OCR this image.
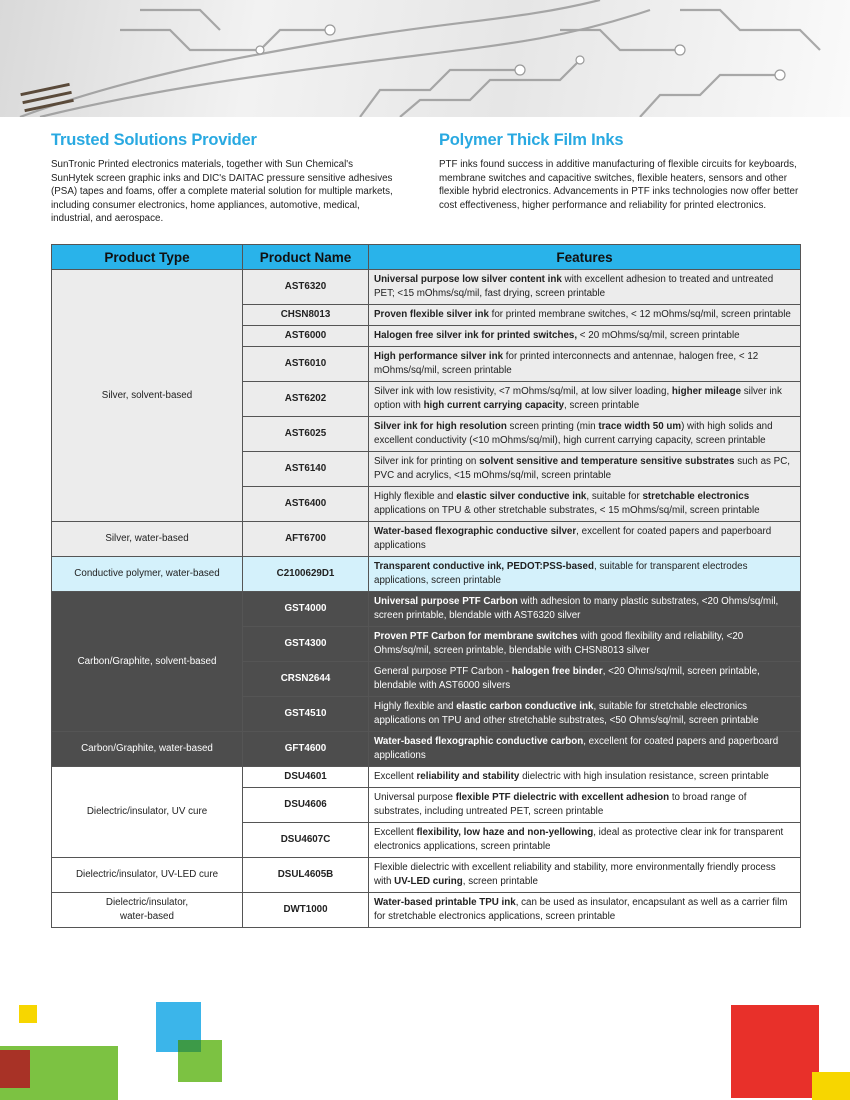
Trusted Solutions Provider

SunTronic Printed electronics materials, together with Sun Chemical's SunHytek screen graphic inks and DIC's DAITAC pressure sensitive adhesives (PSA) tapes and foams, offer a complete material solution for multiple markets, including consumer electronics, home appliances, automotive, medical, industrial, and aerospace.

Polymer Thick Film Inks

PTF inks found success in additive manufacturing of flexible circuits for keyboards, membrane switches and capacitive switches, flexible heaters, sensors and other flexible hybrid electronics. Advancements in PTF inks technologies now offer better cost effectiveness, higher performance and reliability for printed electronics.

Product Type	Product Name	Features
Silver, solvent-based	AST6320	Universal purpose low silver content ink with excellent adhesion to treated and untreated PET; <15 mOhms/sq/mil, fast drying, screen printable
	CHSN8013	Proven flexible silver ink for printed membrane switches, < 12 mOhms/sq/mil, screen printable
	AST6000	Halogen free silver ink for printed switches, < 20 mOhms/sq/mil, screen printable
	AST6010	High performance silver ink for printed interconnects and antennae, halogen free, < 12 mOhms/sq/mil, screen printable
	AST6202	Silver ink with low resistivity, <7 mOhms/sq/mil, at low silver loading, higher mileage silver ink option with high current carrying capacity, screen printable
	AST6025	Silver ink for high resolution screen printing (min trace width 50 um) with high solids and excellent conductivity (<10 mOhms/sq/mil), high current carrying capacity, screen printable
	AST6140	Silver ink for printing on solvent sensitive and temperature sensitive substrates such as PC, PVC and acrylics, <15 mOhms/sq/mil, screen printable
	AST6400	Highly flexible and elastic silver conductive ink, suitable for stretchable electronics applications on TPU & other stretchable substrates, < 15 mOhms/sq/mil, screen printable
Silver, water-based	AFT6700	Water-based flexographic conductive silver, excellent for coated papers and paperboard applications
Conductive polymer, water-based	C2100629D1	Transparent conductive ink, PEDOT:PSS-based, suitable for transparent electrodes applications, screen printable
Carbon/Graphite, solvent-based	GST4000	Universal purpose PTF Carbon with adhesion to many plastic substrates, <20 Ohms/sq/mil, screen printable, blendable with AST6320 silver
	GST4300	Proven PTF Carbon for membrane switches with good flexibility and reliability, <20 Ohms/sq/mil, screen printable, blendable with CHSN8013 silver
	CRSN2644	General purpose PTF Carbon - halogen free binder, <20 Ohms/sq/mil, screen printable, blendable with AST6000 silvers
	GST4510	Highly flexible and elastic carbon conductive ink, suitable for stretchable electronics applications on TPU and other stretchable substrates, <50 Ohms/sq/mil, screen printable
Carbon/Graphite, water-based	GFT4600	Water-based flexographic conductive carbon, excellent for coated papers and paperboard applications
Dielectric/insulator, UV cure	DSU4601	Excellent reliability and stability dielectric with high insulation resistance, screen printable
	DSU4606	Universal purpose flexible PTF dielectric with excellent adhesion to broad range of substrates, including untreated PET, screen printable
	DSU4607C	Excellent flexibility, low haze and non-yellowing, ideal as protective clear ink for transparent electronics applications, screen printable
Dielectric/insulator, UV-LED cure	DSUL4605B	Flexible dielectric with excellent reliability and stability, more environmentally friendly process with UV-LED curing, screen printable
Dielectric/insulator,
water-based	DWT1000	Water-based printable TPU ink, can be used as insulator, encapsulant as well as a carrier film for stretchable electronics applications, screen printable
